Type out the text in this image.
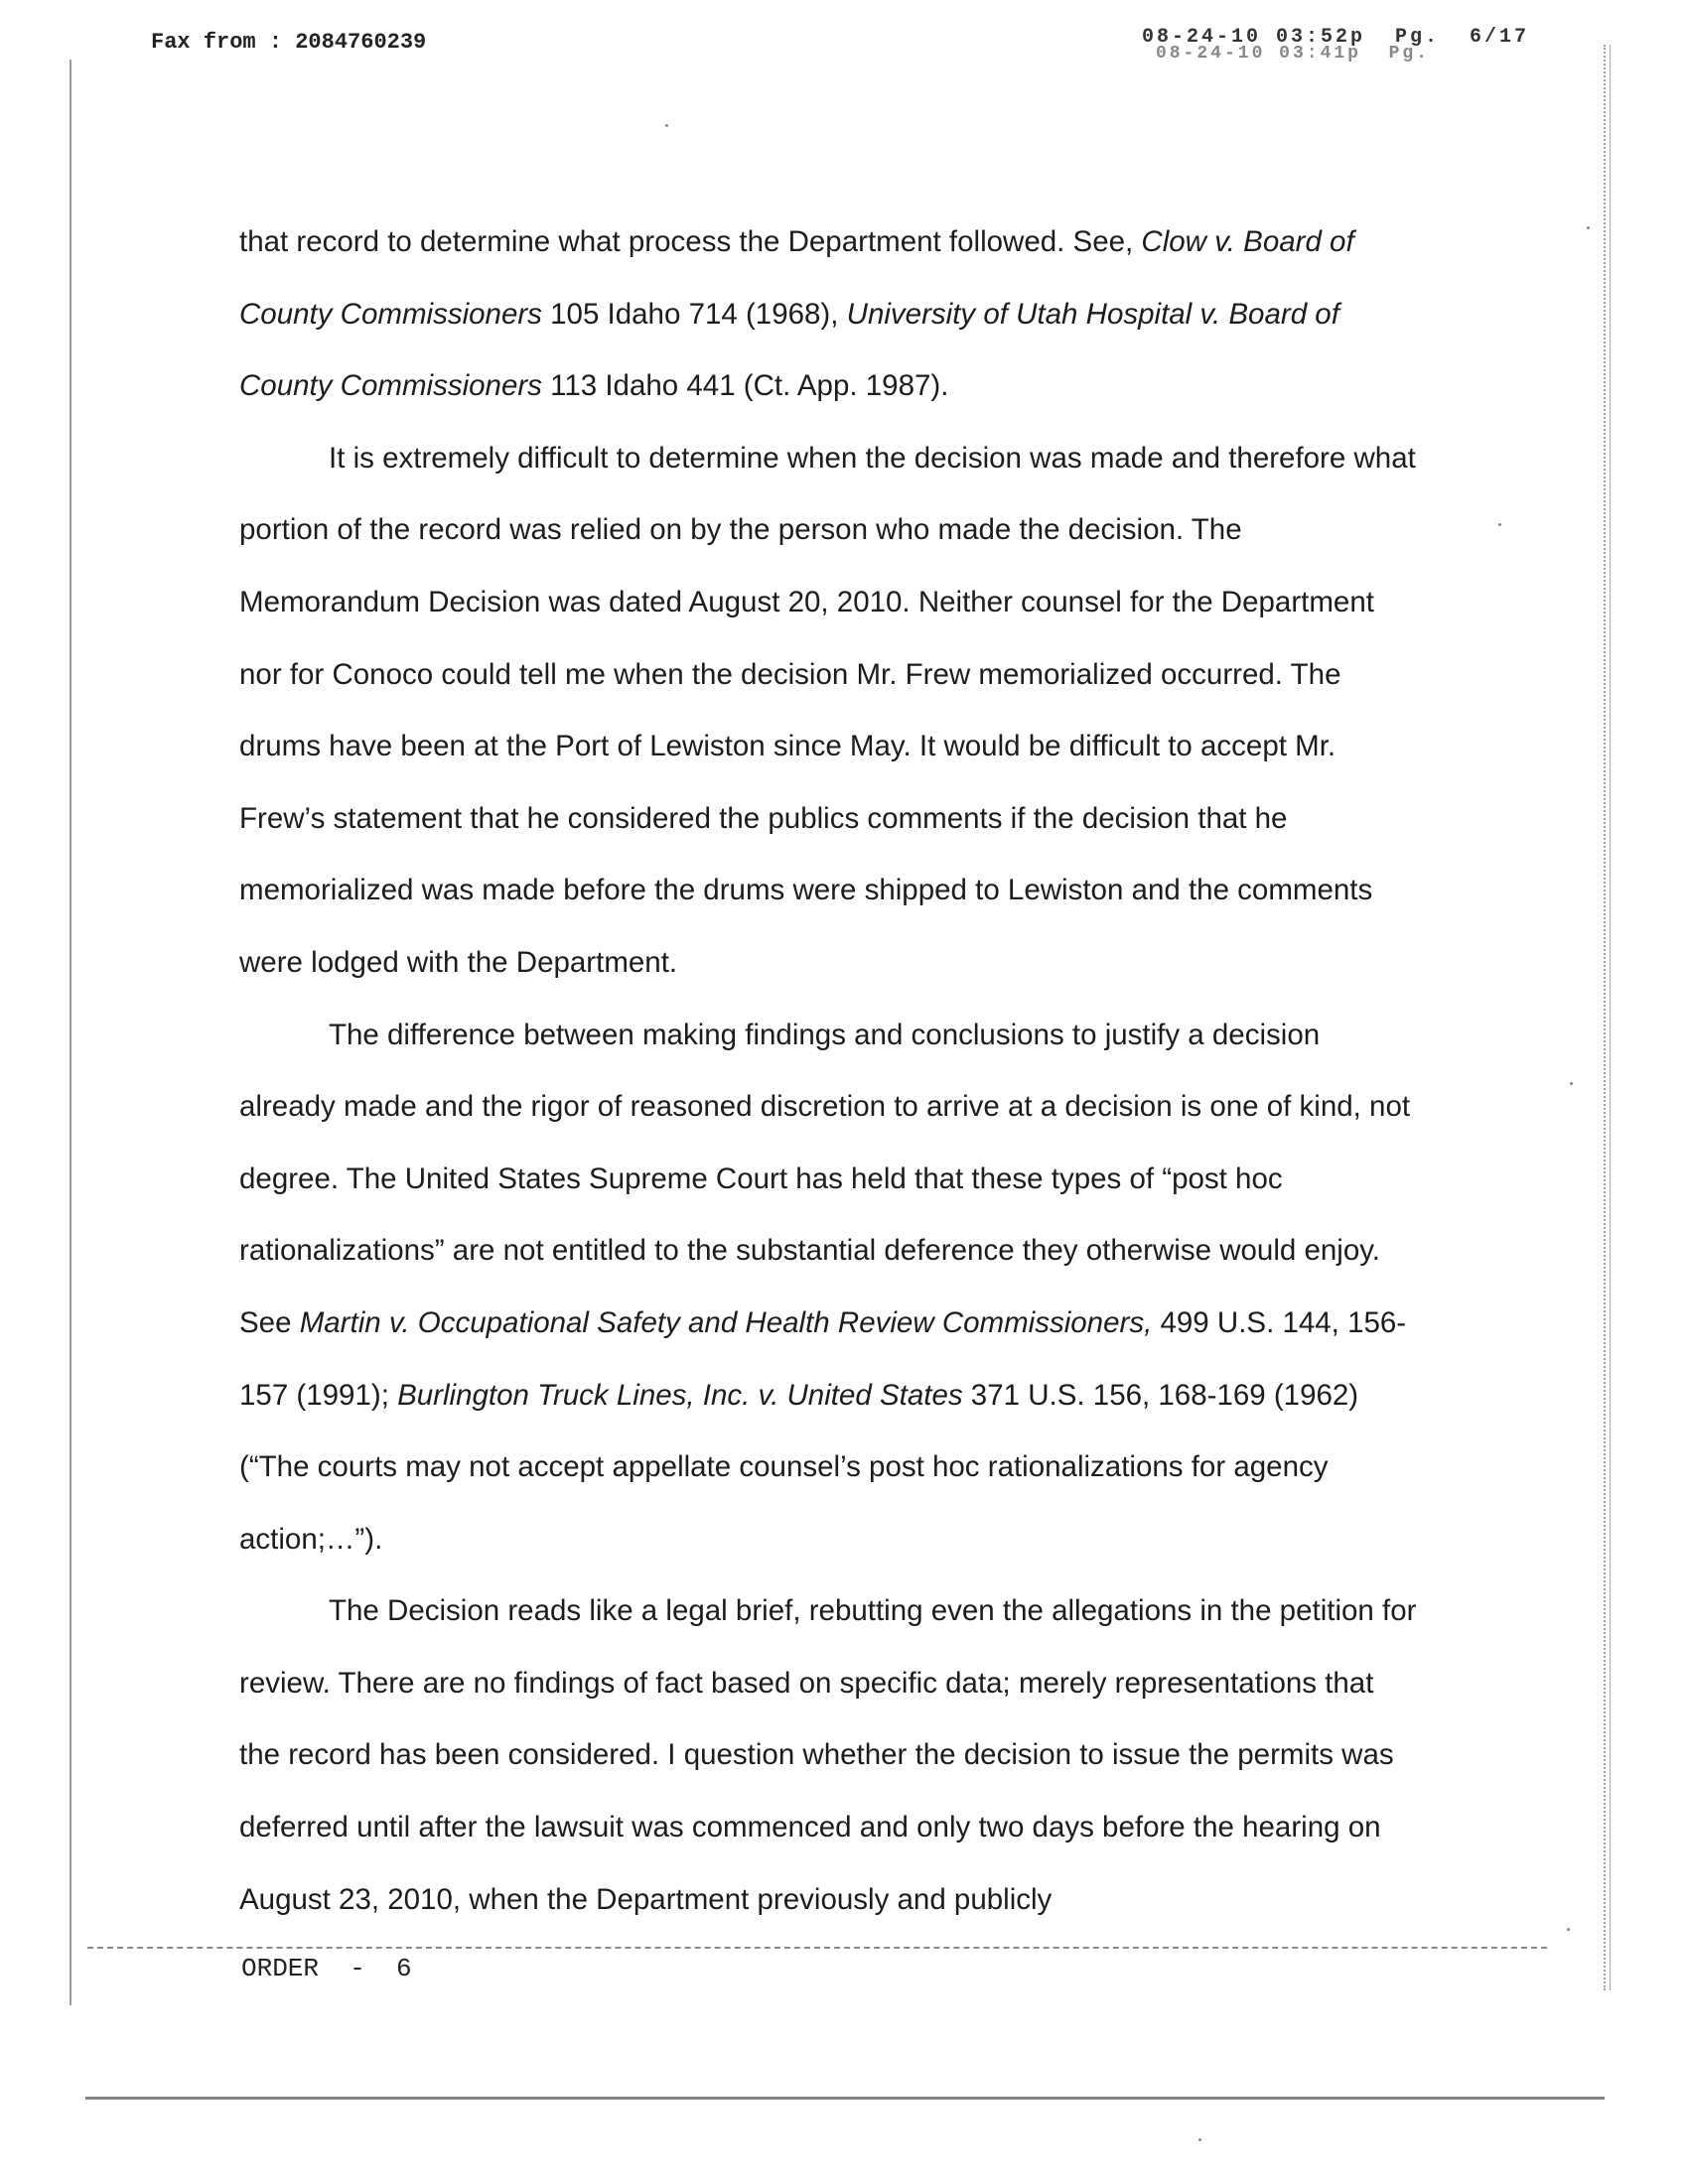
Fax from : 2084760239	08-24-10 03:41p  Pg.
08-24-10 03:52p  Pg.  6/17

that record to determine what process the Department followed. See, Clow v. Board of County Commissioners 105 Idaho 714 (1968), University of Utah Hospital v. Board of County Commissioners 113 Idaho 441 (Ct. App. 1987).

It is extremely difficult to determine when the decision was made and therefore what portion of the record was relied on by the person who made the decision. The Memorandum Decision was dated August 20, 2010. Neither counsel for the Department nor for Conoco could tell me when the decision Mr. Frew memorialized occurred. The drums have been at the Port of Lewiston since May. It would be difficult to accept Mr. Frew’s statement that he considered the publics comments if the decision that he memorialized was made before the drums were shipped to Lewiston and the comments were lodged with the Department.

The difference between making findings and conclusions to justify a decision already made and the rigor of reasoned discretion to arrive at a decision is one of kind, not degree. The United States Supreme Court has held that these types of “post hoc rationalizations” are not entitled to the substantial deference they otherwise would enjoy. See Martin v. Occupational Safety and Health Review Commissioners, 499 U.S. 144, 156-157 (1991); Burlington Truck Lines, Inc. v. United States 371 U.S. 156, 168-169 (1962) (“The courts may not accept appellate counsel’s post hoc rationalizations for agency action;…”).

The Decision reads like a legal brief, rebutting even the allegations in the petition for review. There are no findings of fact based on specific data; merely representations that the record has been considered. I question whether the decision to issue the permits was deferred until after the lawsuit was commenced and only two days before the hearing on August 23, 2010, when the Department previously and publicly

ORDER  -  6
